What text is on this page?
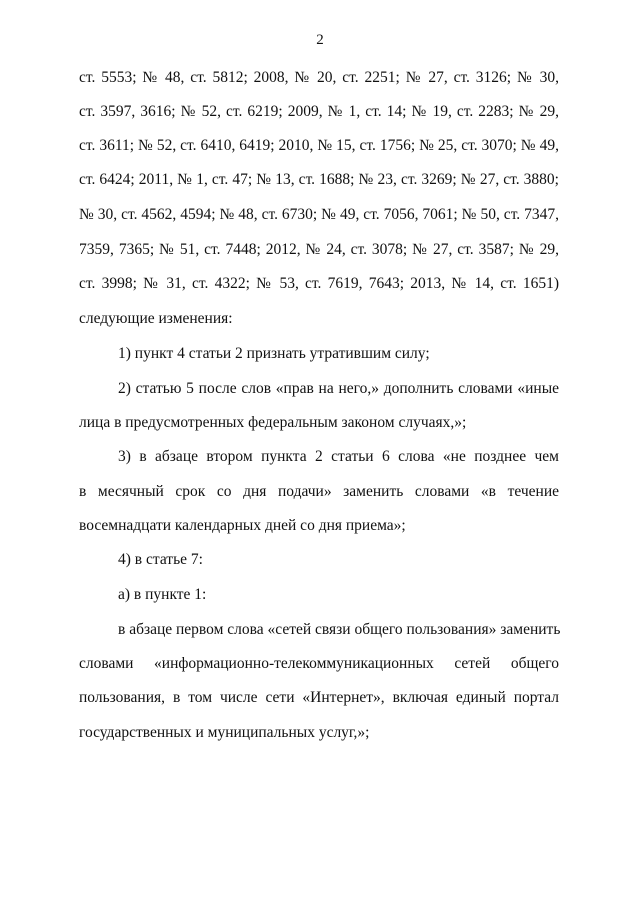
2
ст. 5553; № 48, ст. 5812; 2008, № 20, ст. 2251; № 27, ст. 3126; № 30,
ст. 3597, 3616; № 52, ст. 6219; 2009, № 1, ст. 14; № 19, ст. 2283; № 29,
ст. 3611; № 52, ст. 6410, 6419; 2010, № 15, ст. 1756; № 25, ст. 3070; № 49,
ст. 6424; 2011, № 1, ст. 47; № 13, ст. 1688; № 23, ст. 3269; № 27, ст. 3880;
№ 30, ст. 4562, 4594; № 48, ст. 6730; № 49, ст. 7056, 7061; № 50, ст. 7347,
7359, 7365; № 51, ст. 7448; 2012, № 24, ст. 3078; № 27, ст. 3587; № 29,
ст. 3998; № 31, ст. 4322; № 53, ст. 7619, 7643; 2013, № 14, ст. 1651)
следующие изменения:
1) пункт 4 статьи 2 признать утратившим силу;
2) статью 5 после слов «прав на него,» дополнить словами «иные
лица в предусмотренных федеральным законом случаях,»;
3) в абзаце втором пункта 2 статьи 6 слова «не позднее чем
в месячный срок со дня подачи» заменить словами «в течение
восемнадцати календарных дней со дня приема»;
4) в статье 7:
а) в пункте 1:
в абзаце первом слова «сетей связи общего пользования» заменить
словами «информационно-телекоммуникационных сетей общего
пользования, в том числе сети «Интернет», включая единый портал
государственных и муниципальных услуг,»;
